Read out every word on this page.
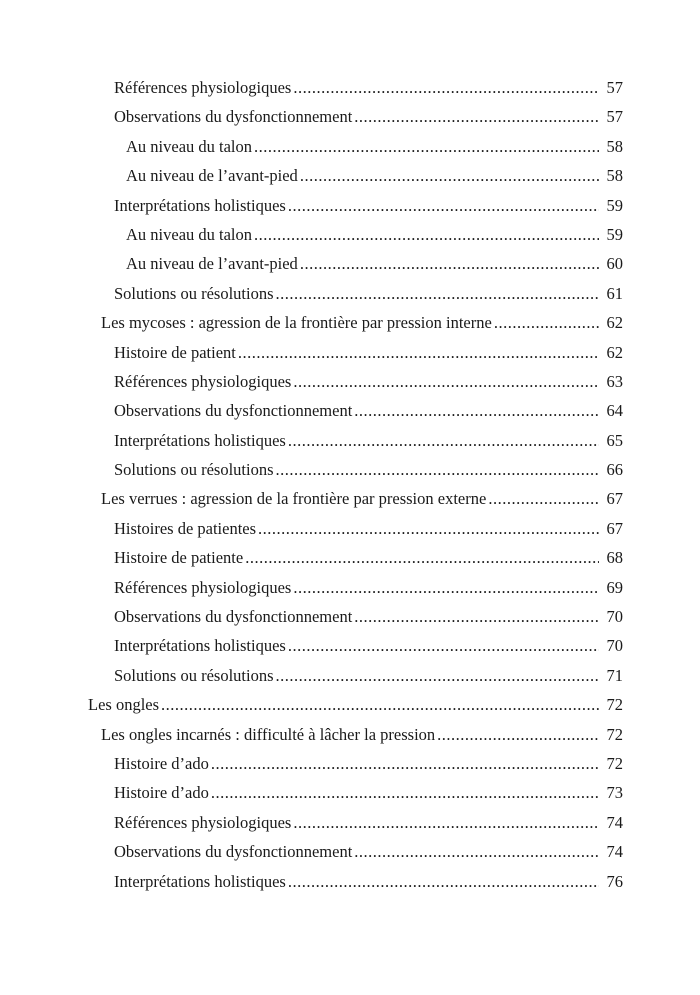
Références physiologiques .....	57
Observations du dysfonctionnement .....	57
Au niveau du talon .....	58
Au niveau de l’avant-pied .....	58
Interprétations holistiques .....	59
Au niveau du talon .....	59
Au niveau de l’avant-pied .....	60
Solutions ou résolutions .....	61
Les mycoses : agression de la frontière par pression interne .....	62
Histoire de patient .....	62
Références physiologiques .....	63
Observations du dysfonctionnement .....	64
Interprétations holistiques .....	65
Solutions ou résolutions .....	66
Les verrues : agression de la frontière par pression externe .....	67
Histoires de patientes .....	67
Histoire de patiente .....	68
Références physiologiques .....	69
Observations du dysfonctionnement .....	70
Interprétations holistiques .....	70
Solutions ou résolutions .....	71
Les ongles .....	72
Les ongles incarnés : difficulté à lâcher la pression .....	72
Histoire d’ado .....	72
Histoire d’ado .....	73
Références physiologiques .....	74
Observations du dysfonctionnement .....	74
Interprétations holistiques .....	76
